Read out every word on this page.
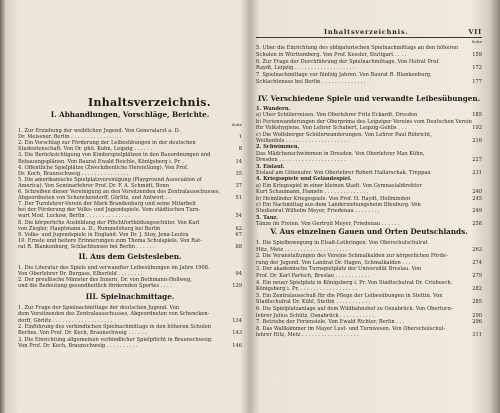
Inhaltsverzeichnis.
I. Abhandlungen, Vorschläge, Berichte.
Seite
1. Zur Erziehung der weiblichen Jugend. Von Generalarzt a. D.
Dr. Meissner, Berlin . . . . . . . . . . . . . . . .	1
2. Ein Vorschlag zur Förderung der Leibesübungen in der deutschen
Studentenschaft. Von Dr. phil. Kuhn, Leipzig . . . . . .	8
3. Die Berücksichtigung von Kinderspielplätzen in den Bauordnungen und
Bebauungsplänen. Von Baurat Ewald Reichle, Königsberg i. Pr. .	14
4. Öffentliche Spielplätze (Zweckdienliche Herstellung). Von Prof.
Dr. Koch, Braunschweig . . . . . . . . . . . . . . .	35
5. Die amerikanische Spielplatzvereinigung (Playground Association of
America). Von Seminarlehrer Prof. Dr. F. A. Schmidt, Bonn	37
6. Schreiben dieser Vereinigung an den Vorsitzenden des Zentralausschusses,
Abgeordneten von Schenckendorff, Görlitz, und Antwort . .	51
7. Der Turnlehrer-Verein der Mark Brandenburg und seine Mitarbeit
bei der Förderung der Volks- und Jugendspiele. Vom städtischen Turn-
wart Mod. Luckow, Berlin . . . . . . . . . . . . . .	54
8. Die körperliche Ausbildung der Pflichtfortbildungsschüler. Von Karl
von Ziegler, Hauptmann a. D., Rummelsburg bei Berlin	62
9. Volks- und Jugendspiele in England. Von Dr. J. Stoy, Jena-Leutra	67
10. Ernste und heitere Erinnerungen zum Thema Schulspiele. Von Rat-
rat R. Blankenburg, Schlachtensee bei Berlin . . . . . .	88
II. Aus dem Geistesleben.
1. Die Literatur des Spiels und verwandter Leibesübungen im Jahre 1908.
Von Oberlehrer Dr. Burgass, Elberfeld . . . . . . . .	94
2. Der preußische Minister des Innern, Dr. von Bethmann-Hollweg,
und die Bedeutung gesundheitlich fördernden Sportes . . . .	129
III. Spielnachmittage.
1. Zur Frage der Spielnachmittage der deutschen Jugend. Von
dem Vorsitzenden des Zentralausschusses, Abgeordneten von Schencken-
dorff, Görlitz . . . . . . . . . . . . . . . . . . .	134
2. Einführung des verbindlichen Spielnachmittags in den höheren Schulen
Berlins. Von Prof. Dr. Koch, Braunschweig . . . . . .	143
3. Die Einrichtung allgemeinen verbindlicher Spielpflicht in Braunschweig.
Von Prof. Dr. Koch, Braunschweig . . . . . . . . . .	146
Inhaltsverzeichnis.	VII
Seite
5. Über die Einrichtung des obligatorischen Spielnachmittags an den höheren
Schulen in Württemberg. Von Prof. Kessler, Stuttgart . . . .	159
6. Zur Frage der Durchführung der Spielnachmittage. Von Hofrat Prof.
Raydt, Leipzig . . . . . . . . . . . . . . . . . . .	172
7. Spielnachmittage vor fünfzig Jahren. Von Baurat R. Blankenburg,
Schlachtensee bei Berlin . . . . . . . . . . . . . .	177
IV. Verschiedene Spiele und verwandte Leibesübungen.
1. Wandern.
a) Über Schülerreisen. Von Oberlehrer Fritz Eckardt, Dresden	185
b) Ferienwanderungen der Oberprima des Leipziger Vereins vom Deutschen Verein
für Volkshygiene. Von Lehrer Schubert, Leipzig-Gohlis . . .	192
c) Die Wolfsberger Schülerwanderungen. Von Lehrer Paul Röhricht,
Weißenfels . . . . . . . . . . . . . . . . . . . .	216
2. Schwimmen.
Das Mädchenschwimmen in Dresden. Von Oberlehrer Max Kühn,
Dresden . . . . . . . . . . . . . . . . . . . . .	227
3. Eislauf.
Eislauf am Gütenufer. Von Oberlehrer Robert Hallarschak, Treppau	231
4. Kriegsspiele und Geländespiel.
a) Ein Kriegsspiel in einer kleinen Stadt. Von Gymnasialdirektor
Kurt Schaumann, Hameln . . . . . . . . . . . . . .	240
b) Heimlinder Kriegsspiele. Von Prof. H. Raydt, Hollminden	245
c) Ein Nachmittag aus dem Landerziehungsheim Ilfenburg. Von
Studienrat Wilhelm Meyer, Friedenau . . . . . . . .	249
5. Tanz.
Tänze im Freien. Von Gertrud Meyer, Friedenau . . . . . .	258
V. Aus einzelnen Gauen und Orten Deutschlands.
1. Die Spielbewegung in Elsaß-Lothringen. Von Oberschulschulrat
Hitz, Metz . . . . . . . . . . . . . . . . . . . .	263
2. Die Veranstaltungen des Vereins Schmalkalden zur körperlichen Förde-
rung der Jugend. Von Landrat Dr. Hagen, Schmalkalden . . .	274
3. Der akademische Turnspielplatz der Universität Breslau. Von
Prof. Dr. Karl Partsch, Breslau . . . . . . . . . . .	279
4. Ein neuer Spielplatz in Königsberg i. Pr. Von Stadtschulrat Dr. Crisbusch,
Königsberg i. Pr. . . . . . . . . . . . . . . . . . .	282
5. Ein Zentralausschuß für die Pflege der Leibesübungen in Stettin. Von
Stadtschulrat Dr. Kühl, Stettin . . . . . . . . . . .	285
6. Die Spielplatzanlage auf dem Wildbahnshof zu Osnabrück. Von Oberturn-
lehrer Julius Schütz, Osnabrück . . . . . . . . . . .	290
7. Betriebe der Feriensiele. Von Ewald Richter, Berlin . . .	296
8. Das Wallkämmer im Mayer Lust- und Turnwesen. Von Oberschulschul-
lehrer Hitz, Metz . . . . . . . . . . . . . . . . . .	311
